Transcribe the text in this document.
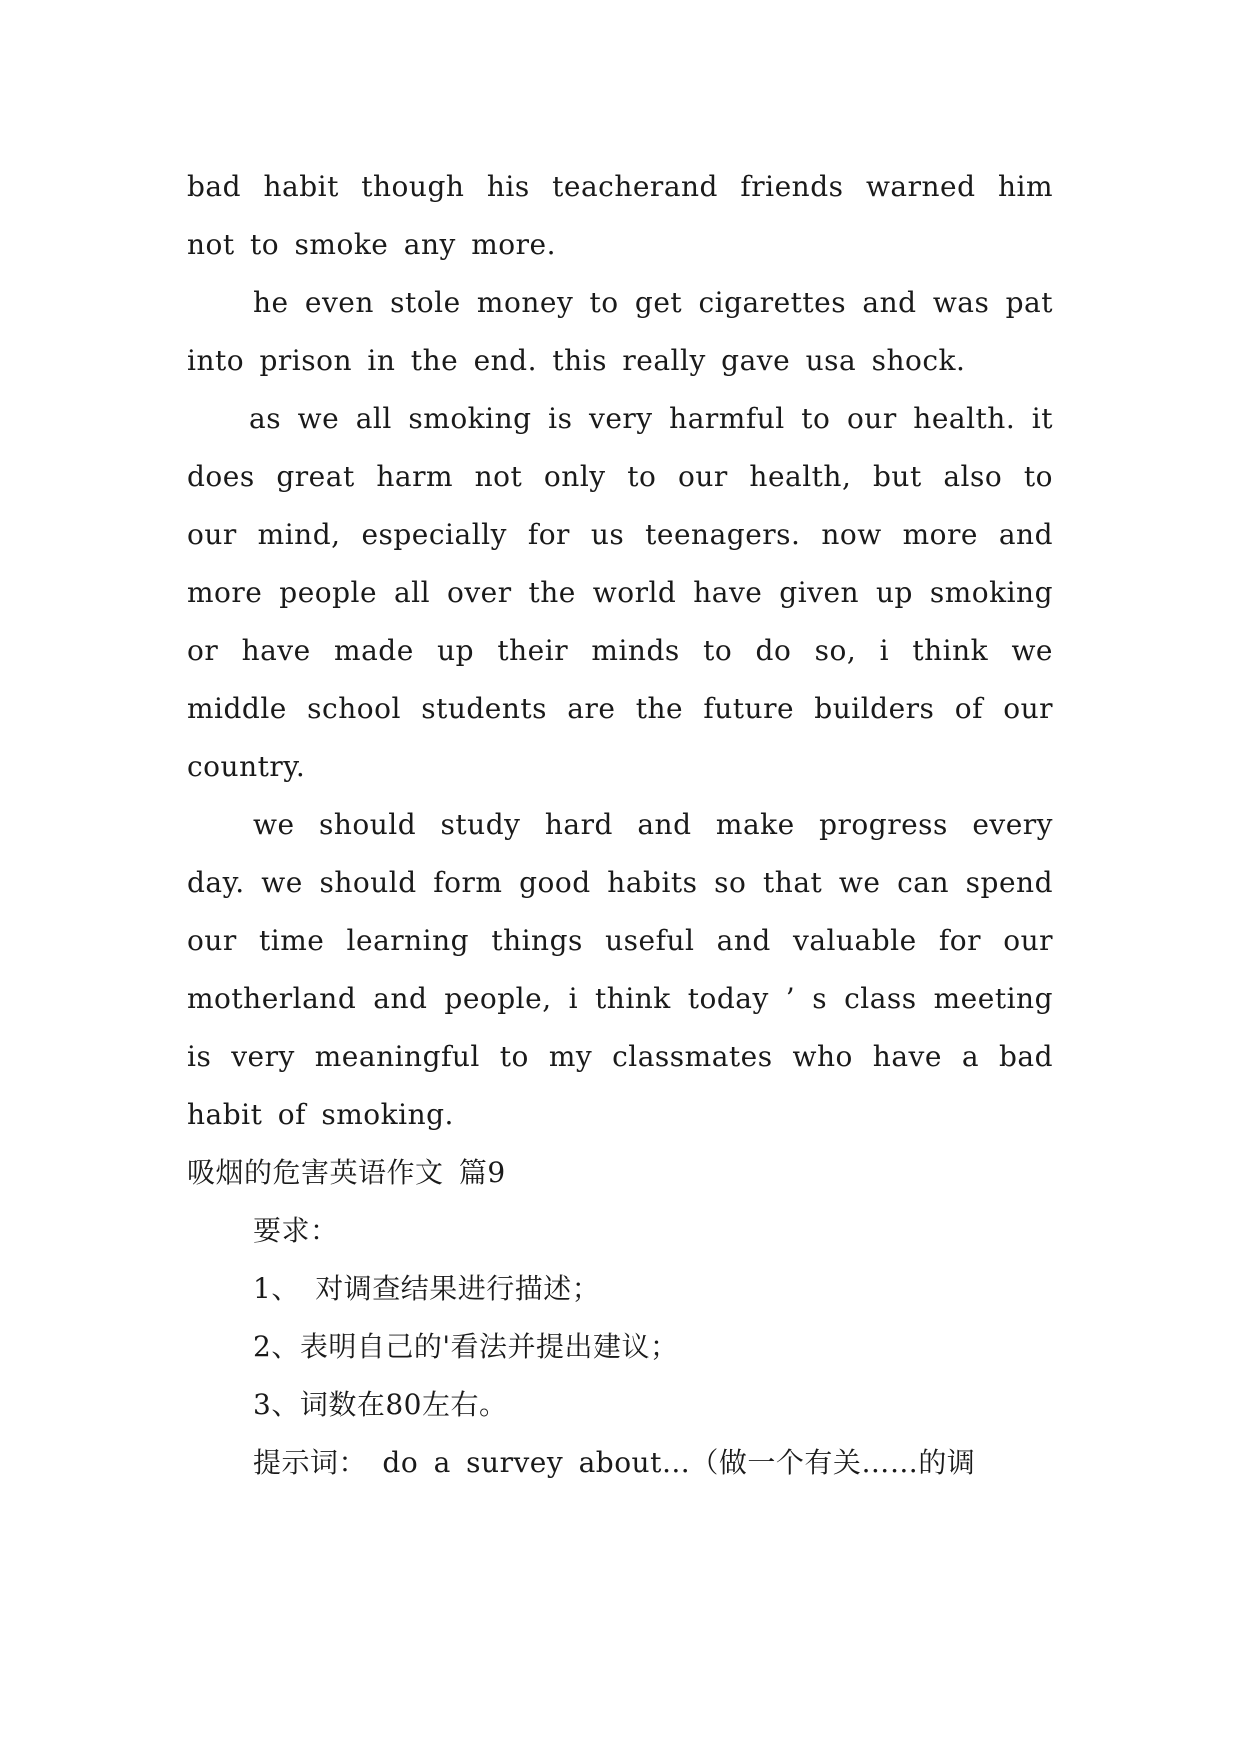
bad habit though his teacherand friends warned him not to smoke any more.

he even stole money to get cigarettes and was pat into prison in the end. this really gave usa shock.

as we all smoking is very harmful to our health. it does great harm not only to our health, but also to our mind, especially for us teenagers. now more and more people all over the world have given up smoking or have made up their minds to do so, i think we middle school students are the future builders of our country.

we should study hard and make progress every day. we should form good habits so that we can spend our time learning things useful and valuable for our motherland and people, i think today ’ s class meeting is very meaningful to my classmates who have a bad habit of smoking.

吸烟的危害英语作文 篇9

要求：

1、 对调查结果进行描述；

2、表明自己的'看法并提出建议；

3、词数在80左右。

提示词： do a survey about…（做一个有关……的调
